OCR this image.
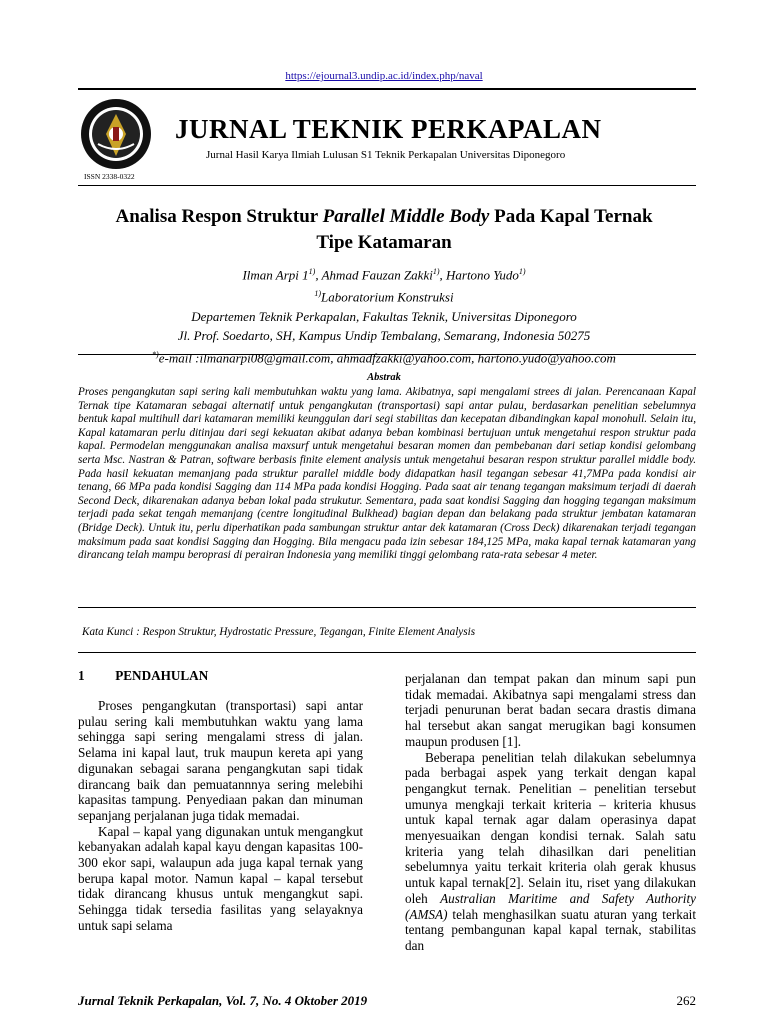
https://ejournal3.undip.ac.id/index.php/naval
ISSN 2338-0322
JURNAL TEKNIK PERKAPALAN
Jurnal Hasil Karya Ilmiah Lulusan S1 Teknik Perkapalan Universitas Diponegoro
Analisa Respon Struktur Parallel Middle Body Pada Kapal Ternak
Tipe Katamaran
Ilman Arpi 1$^{1)}$, Ahmad Fauzan Zakki$^{1)}$, Hartono Yudo$^{1)}$
$^{1)}$Laboratorium Konstruksi
Departemen Teknik Perkapalan, Fakultas Teknik, Universitas Diponegoro
Jl. Prof. Soedarto, SH, Kampus Undip Tembalang, Semarang, Indonesia 50275
*)e-mail :ilmanarpi08@gmail.com, ahmadfzakki@yahoo.com, hartono.yudo@yahoo.com
Abstrak
Proses pengangkutan sapi sering kali membutuhkan waktu yang lama. Akibatnya, sapi mengalami strees di jalan. Perencanaan Kapal Ternak tipe Katamaran sebagai alternatif untuk pengangkutan (transportasi) sapi antar pulau, berdasarkan penelitian sebelumnya bentuk kapal multihull dari katamaran memiliki keunggulan dari segi stabilitas dan kecepatan dibandingkan kapal monohull. Selain itu, Kapal katamaran perlu ditinjau dari segi kekuatan akibat adanya beban kombinasi bertujuan untuk mengetahui respon struktur pada kapal. Permodelan menggunakan analisa maxsurf untuk mengetahui besaran momen dan pembebanan dari setiap kondisi gelombang serta Msc. Nastran & Patran, software berbasis finite element analysis untuk mengetahui besaran respon struktur parallel middle body. Pada hasil kekuatan memanjang pada struktur parallel middle body didapatkan hasil tegangan sebesar 41,7MPa pada kondisi air tenang, 66 MPa pada kondisi Sagging dan 114 MPa pada kondisi Hogging. Pada saat air tenang tegangan maksimum terjadi di daerah Second Deck, dikarenakan adanya beban lokal pada strukutur. Sementara, pada saat kondisi Sagging dan hogging tegangan maksimum terjadi pada sekat tengah memanjang (centre longitudinal Bulkhead) bagian depan dan belakang pada struktur jembatan katamaran (Bridge Deck). Untuk itu, perlu diperhatikan pada sambungan struktur antar dek katamaran (Cross Deck) dikarenakan terjadi tegangan maksimum pada saat kondisi Sagging dan Hogging. Bila mengacu pada izin sebesar 184,125 MPa, maka kapal ternak katamaran yang dirancang telah mampu beroprasi di perairan Indonesia yang memiliki tinggi gelombang rata-rata sebesar 4 meter.
Kata Kunci : Respon Struktur, Hydrostatic Pressure, Tegangan, Finite Element Analysis
1 PENDAHULAN

Proses pengangkutan (transportasi) sapi antar pulau sering kali membutuhkan waktu yang lama sehingga sapi sering mengalami stress di jalan. Selama ini kapal laut, truk maupun kereta api yang digunakan sebagai sarana pengangkutan sapi tidak dirancang baik dan pemuatannnya sering melebihi kapasitas tampung. Penyediaan pakan dan minuman sepanjang perjalanan juga tidak memadai.

Kapal – kapal yang digunakan untuk mengangkut kebanyakan adalah kapal kayu dengan kapasitas 100-300 ekor sapi, walaupun ada juga kapal ternak yang berupa kapal motor. Namun kapal – kapal tersebut tidak dirancang khusus untuk mengangkut sapi. Sehingga tidak tersedia fasilitas yang selayaknya untuk sapi selama

perjalanan dan tempat pakan dan minum sapi pun tidak memadai. Akibatnya sapi mengalami stress dan terjadi penurunan berat badan secara drastis dimana hal tersebut akan sangat merugikan bagi konsumen maupun produsen [1].

Beberapa penelitian telah dilakukan sebelumnya pada berbagai aspek yang terkait dengan kapal pengangkut ternak. Penelitian – penelitian tersebut umunya mengkaji terkait kriteria – kriteria khusus untuk kapal ternak agar dalam operasinya dapat menyesuaikan dengan kondisi ternak. Salah satu kriteria yang telah dihasilkan dari penelitian sebelumnya yaitu terkait kriteria olah gerak khusus untuk kapal ternak[2]. Selain itu, riset yang dilakukan oleh Australian Maritime and Safety Authority (AMSA) telah menghasilkan suatu aturan yang terkait tentang pembangunan kapal kapal ternak, stabilitas dan

Jurnal Teknik Perkapalan, Vol. 7, No. 4 Oktober 2019	262
